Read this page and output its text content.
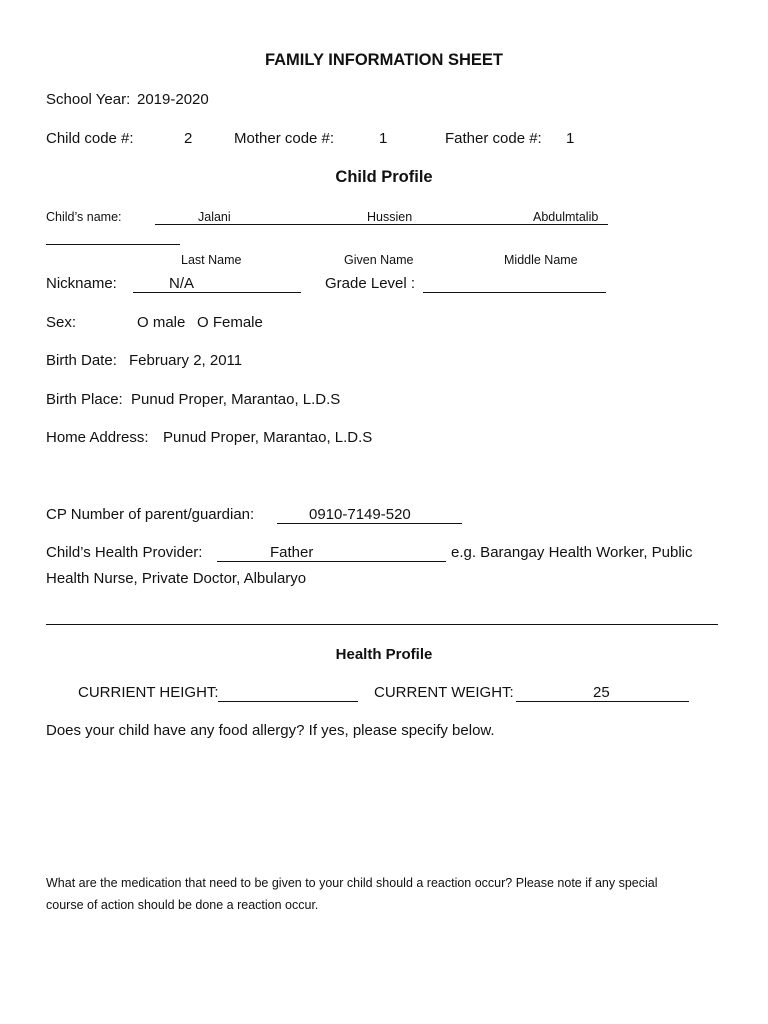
FAMILY INFORMATION SHEET
School Year: 2019-2020
Child code #:	2	Mother code #:	1	Father code #: 1
Child Profile
Child’s name:	Jalani	Hussien	Abdulmtalib
Last Name	Given Name	Middle Name
Nickname:	N/A	Grade Level :
Sex:	O male O Female
Birth Date: February 2, 2011
Birth Place: Punud Proper, Marantao, L.D.S
Home Address: Punud Proper, Marantao, L.D.S
CP Number of parent/guardian:	0910-7149-520
Child’s Health Provider:	Father	e.g. Barangay Health Worker, Public
Health Nurse, Private Doctor, Albularyo
Health Profile
CURRIENT HEIGHT:	CURRENT WEIGHT:	25
Does your child have any food allergy? If yes, please specify below.
What are the medication that need to be given to your child should a reaction occur? Please note if any special
course of action should be done a reaction occur.
